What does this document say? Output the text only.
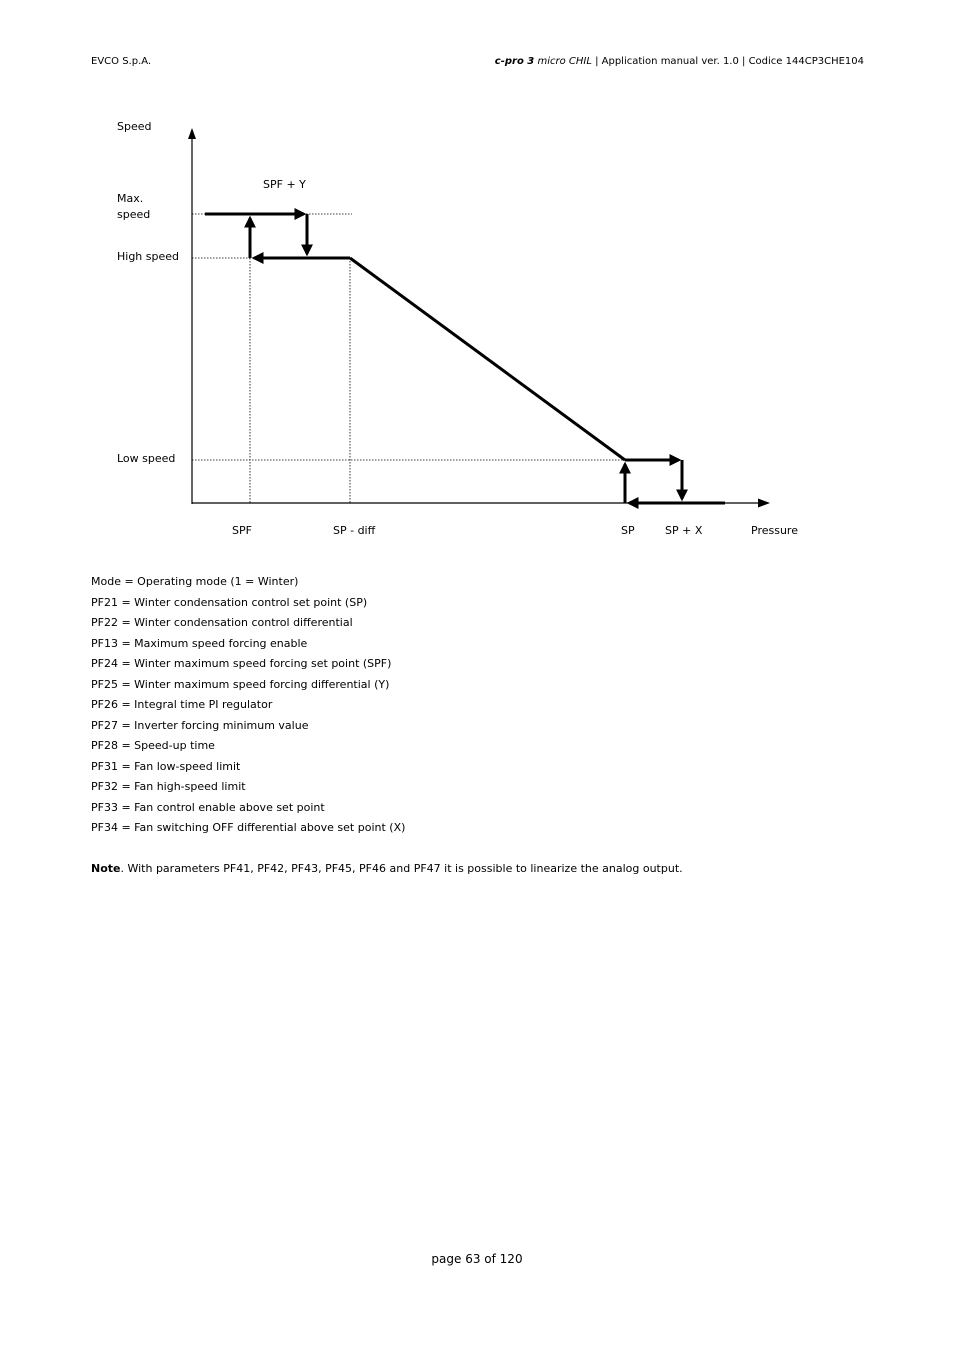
EVCO S.p.A.	c-pro 3 micro CHIL | Application manual ver. 1.0 | Codice 144CP3CHE104
Speed
SPF + Y
Max.
speed
High speed
Low speed
SPF	SP - diff	SP	SP + X	Pressure
Mode = Operating mode (1 = Winter)
PF21 = Winter condensation control set point (SP)
PF22 = Winter condensation control differential
PF13 = Maximum speed forcing enable
PF24 = Winter maximum speed forcing set point (SPF)
PF25 = Winter maximum speed forcing differential (Y)
PF26 = Integral time PI regulator
PF27 = Inverter forcing minimum value
PF28 = Speed-up time
PF31 = Fan low-speed limit
PF32 = Fan high-speed limit
PF33 = Fan control enable above set point
PF34 = Fan switching OFF differential above set point (X)
Note. With parameters PF41, PF42, PF43, PF45, PF46 and PF47 it is possible to linearize the analog output.
page 63 of 120
